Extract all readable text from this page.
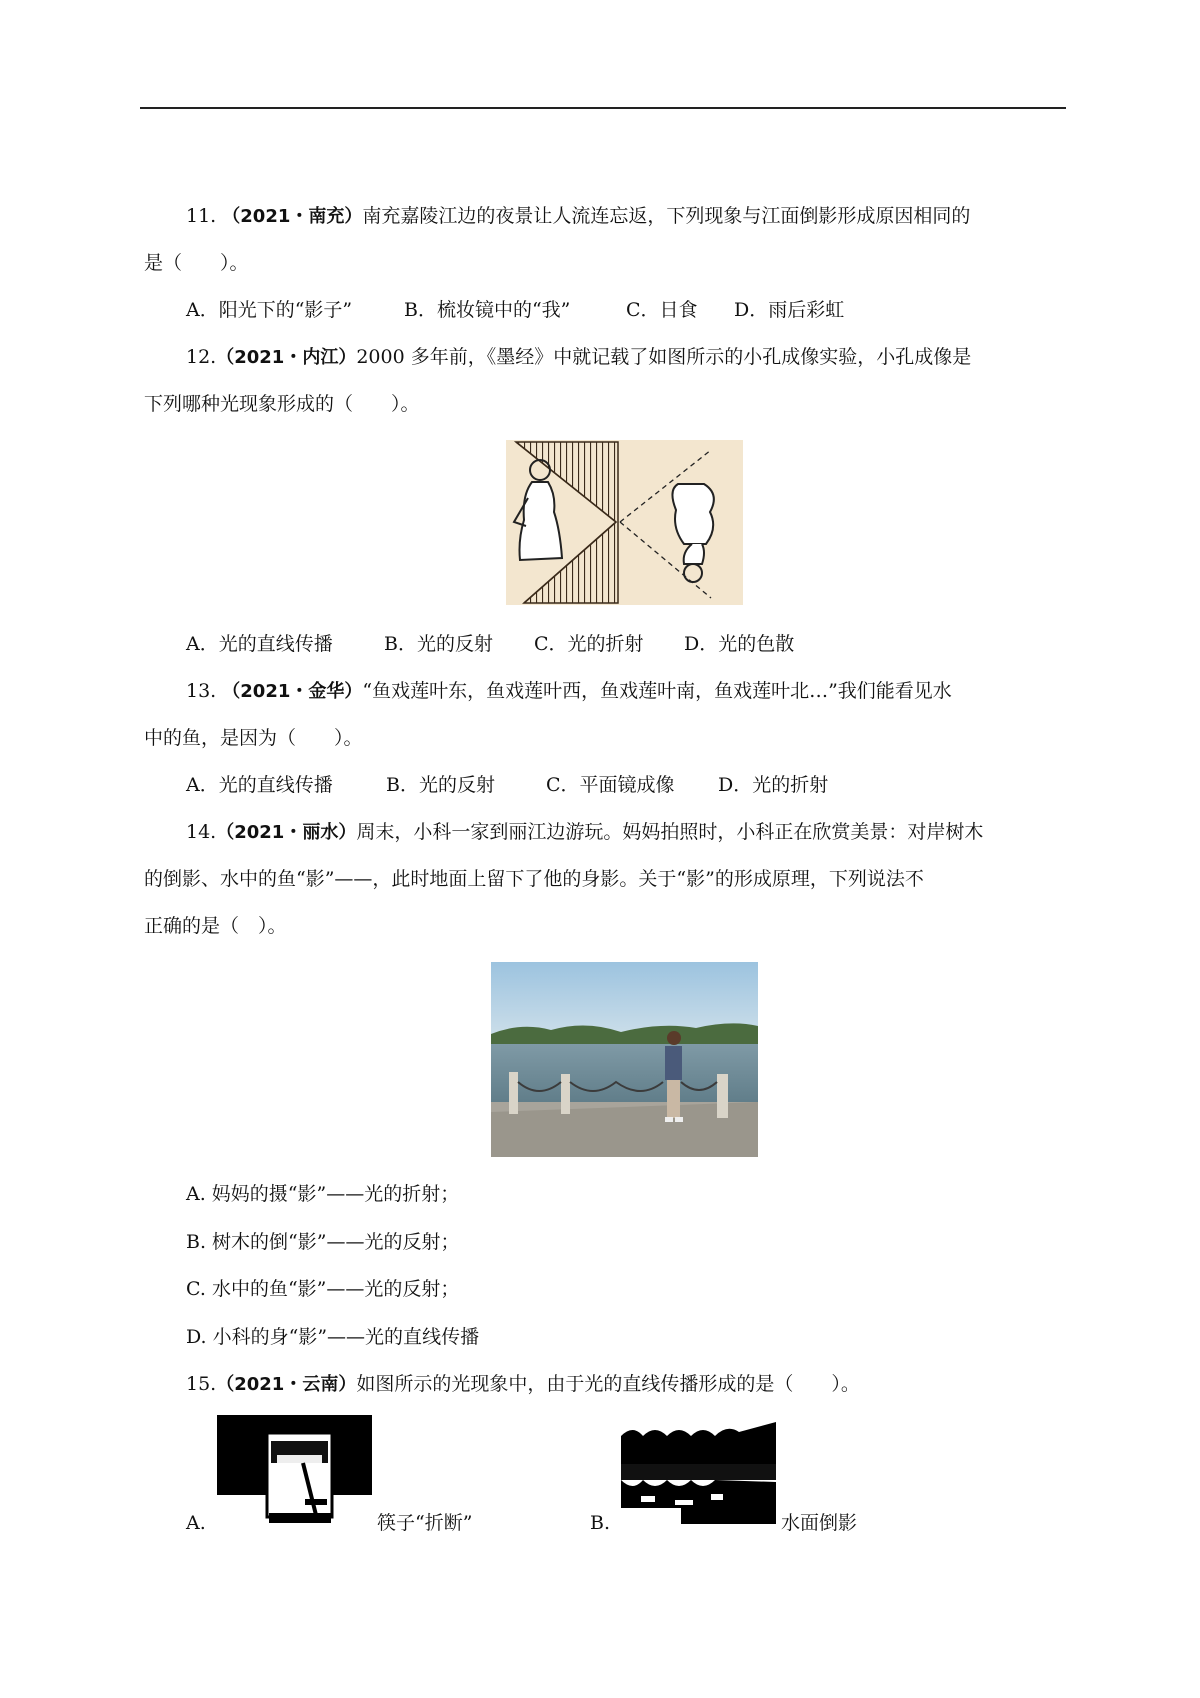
11. （2021・南充）南充嘉陵江边的夜景让人流连忘返，下列现象与江面倒影形成原因相同的
是（　　）。
A．阳光下的“影子”	B．梳妆镜中的“我”	C．日食 D．雨后彩虹
12.（2021・内江）2000 多年前，《墨经》中就记载了如图所示的小孔成像实验，小孔成像是
下列哪种光现象形成的（　　）。
A．光的直线传播	B．光的反射 C．光的折射 D．光的色散
13. （2021・金华）“鱼戏莲叶东，鱼戏莲叶西，鱼戏莲叶南，鱼戏莲叶北…”我们能看见水
中的鱼，是因为（　　）。
A．光的直线传播	B．光的反射	C．平面镜成像 D．光的折射
14.（2021・丽水）周末，小科一家到丽江边游玩。妈妈拍照时，小科正在欣赏美景：对岸树木
的倒影、水中的鱼“影”——，此时地面上留下了他的身影。关于“影”的形成原理，下列说法不
正确的是（　）。
A. 妈妈的摄“影”——光的折射；
B. 树木的倒“影”——光的反射；
C. 水中的鱼“影”——光的反射；
D. 小科的身“影”——光的直线传播
15.（2021・云南）如图所示的光现象中，由于光的直线传播形成的是（　　）。
A.	筷子“折断”	B.	水面倒影
